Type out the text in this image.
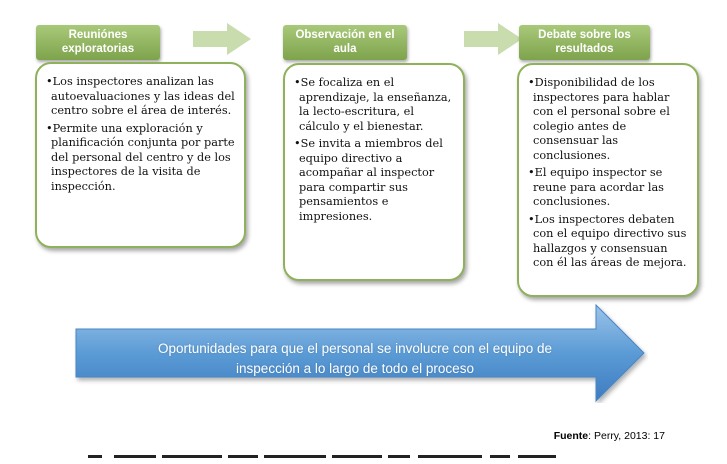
Reuniónes exploratorias
• Los inspectores analizan las autoevaluaciones y las ideas del centro sobre el área de interés.
• Permite una exploración y planificación conjunta por parte del personal del centro y de los inspectores de la visita de inspección.
Observación en el aula
• Se focaliza en el aprendizaje, la enseñanza, la lecto-escritura, el cálculo y el bienestar.
• Se invita a miembros del equipo directivo a acompañar al inspector para compartir sus pensamientos e impresiones.
Debate sobre los resultados
• Disponibilidad de los inspectores para hablar con el personal sobre el colegio antes de consensuar las conclusiones.
• El equipo inspector se reune para acordar las conclusiones.
• Los inspectores debaten con el equipo directivo sus hallazgos y consensuan con él las áreas de mejora.
Oportunidades para que el personal se involucre con el equipo de
inspección a lo largo de todo el proceso
Fuente: Perry, 2013: 17
